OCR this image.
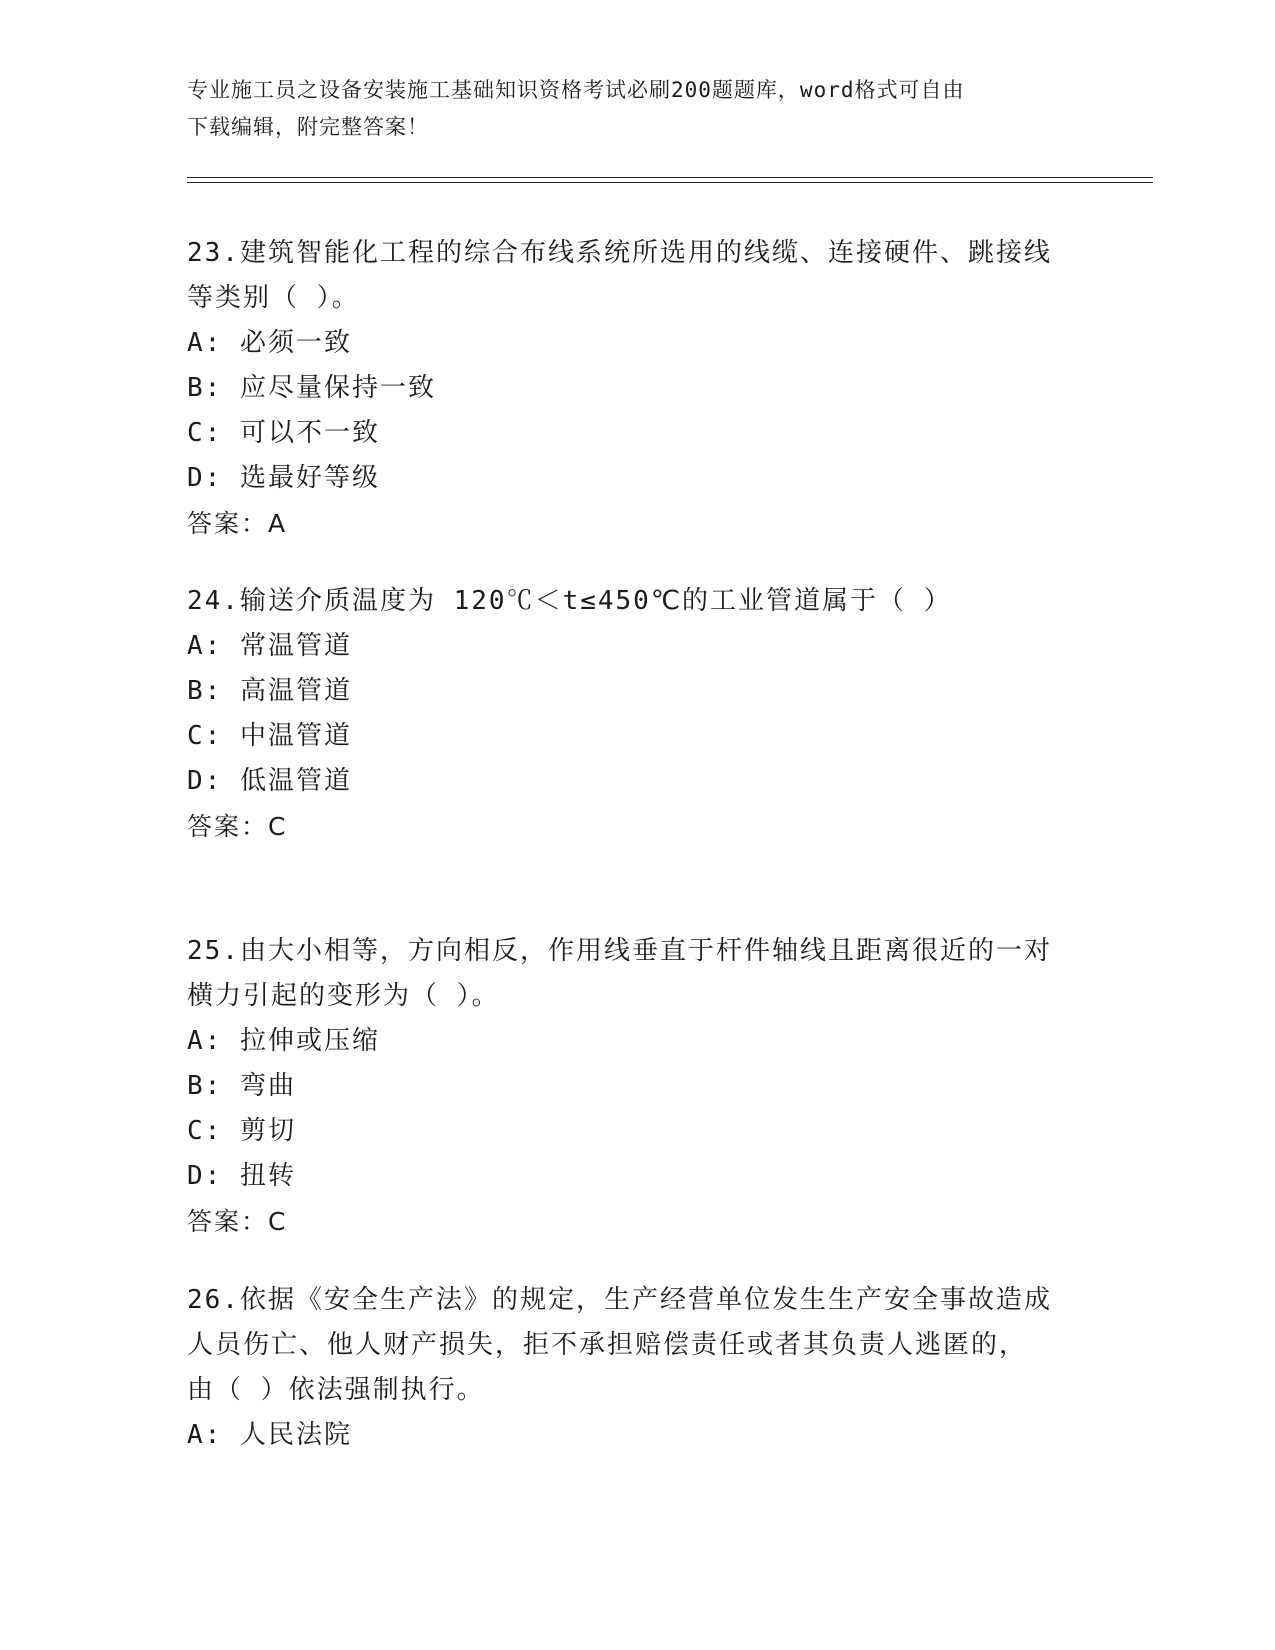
专业施工员之设备安装施工基础知识资格考试必刷200题题库，word格式可自由
下载编辑，附完整答案！
23.建筑智能化工程的综合布线系统所选用的线缆、连接硬件、跳接线
等类别（ ）。
A: 必须一致
B: 应尽量保持一致
C: 可以不一致
D: 选最好等级
答案：A
24.输送介质温度为 120℃＜t≤450℃的工业管道属于（ ）
A: 常温管道
B: 高温管道
C: 中温管道
D: 低温管道
答案：C
25.由大小相等，方向相反，作用线垂直于杆件轴线且距离很近的一对
横力引起的变形为（ ）。
A: 拉伸或压缩
B: 弯曲
C: 剪切
D: 扭转
答案：C
26.依据《安全生产法》的规定，生产经营单位发生生产安全事故造成
人员伤亡、他人财产损失，拒不承担赔偿责任或者其负责人逃匿的，
由（ ）依法强制执行。
A: 人民法院
